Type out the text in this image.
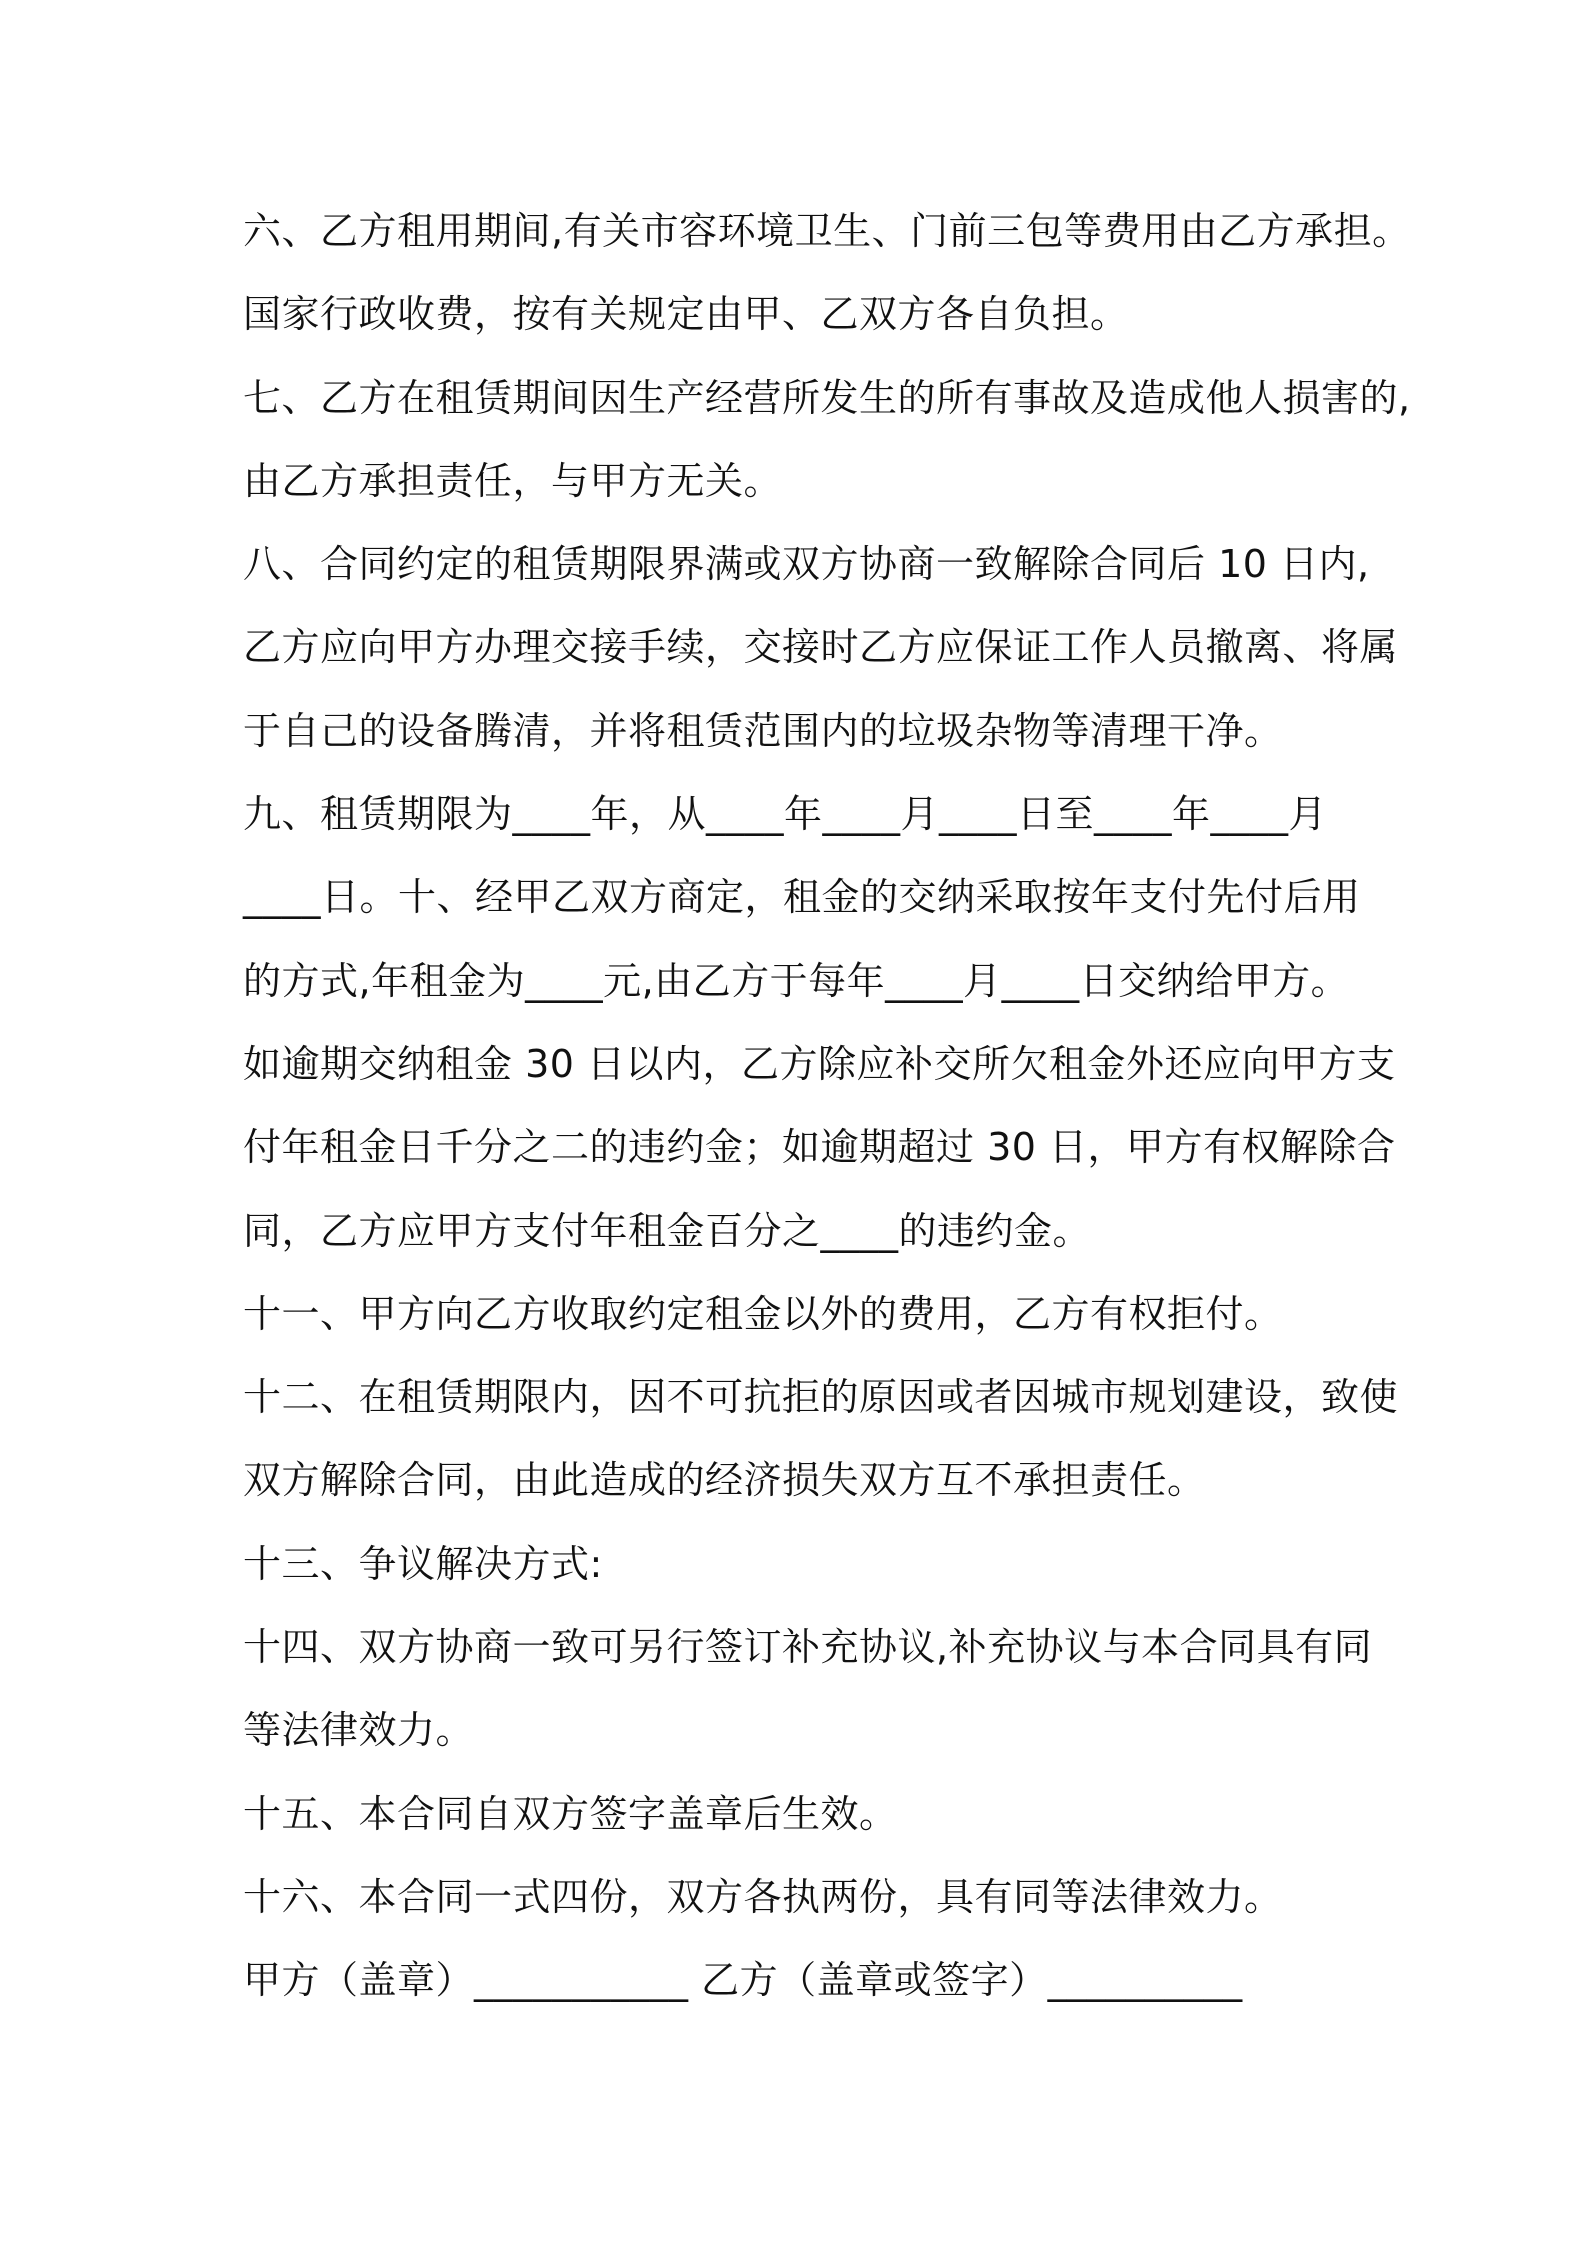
六、乙方租用期间,有关市容环境卫生、门前三包等费用由乙方承担。
国家行政收费，按有关规定由甲、乙双方各自负担。
七、乙方在租赁期间因生产经营所发生的所有事故及造成他人损害的,
由乙方承担责任，与甲方无关。
八、合同约定的租赁期限界满或双方协商一致解除合同后 10 日内,
乙方应向甲方办理交接手续，交接时乙方应保证工作人员撤离、将属
于自己的设备腾清，并将租赁范围内的垃圾杂物等清理干净。
九、租赁期限为____年，从____年____月____日至____年____月
____日。十、经甲乙双方商定，租金的交纳采取按年支付先付后用
的方式,年租金为____元,由乙方于每年____月____日交纳给甲方。
如逾期交纳租金 30 日以内，乙方除应补交所欠租金外还应向甲方支
付年租金日千分之二的违约金；如逾期超过 30 日，甲方有权解除合
同，乙方应甲方支付年租金百分之____的违约金。
十一、甲方向乙方收取约定租金以外的费用，乙方有权拒付。
十二、在租赁期限内，因不可抗拒的原因或者因城市规划建设，致使
双方解除合同，由此造成的经济损失双方互不承担责任。
十三、争议解决方式:
十四、双方协商一致可另行签订补充协议,补充协议与本合同具有同
等法律效力。
十五、本合同自双方签字盖章后生效。
十六、本合同一式四份，双方各执两份，具有同等法律效力。
甲方（盖章）___________ 乙方（盖章或签字）__________
